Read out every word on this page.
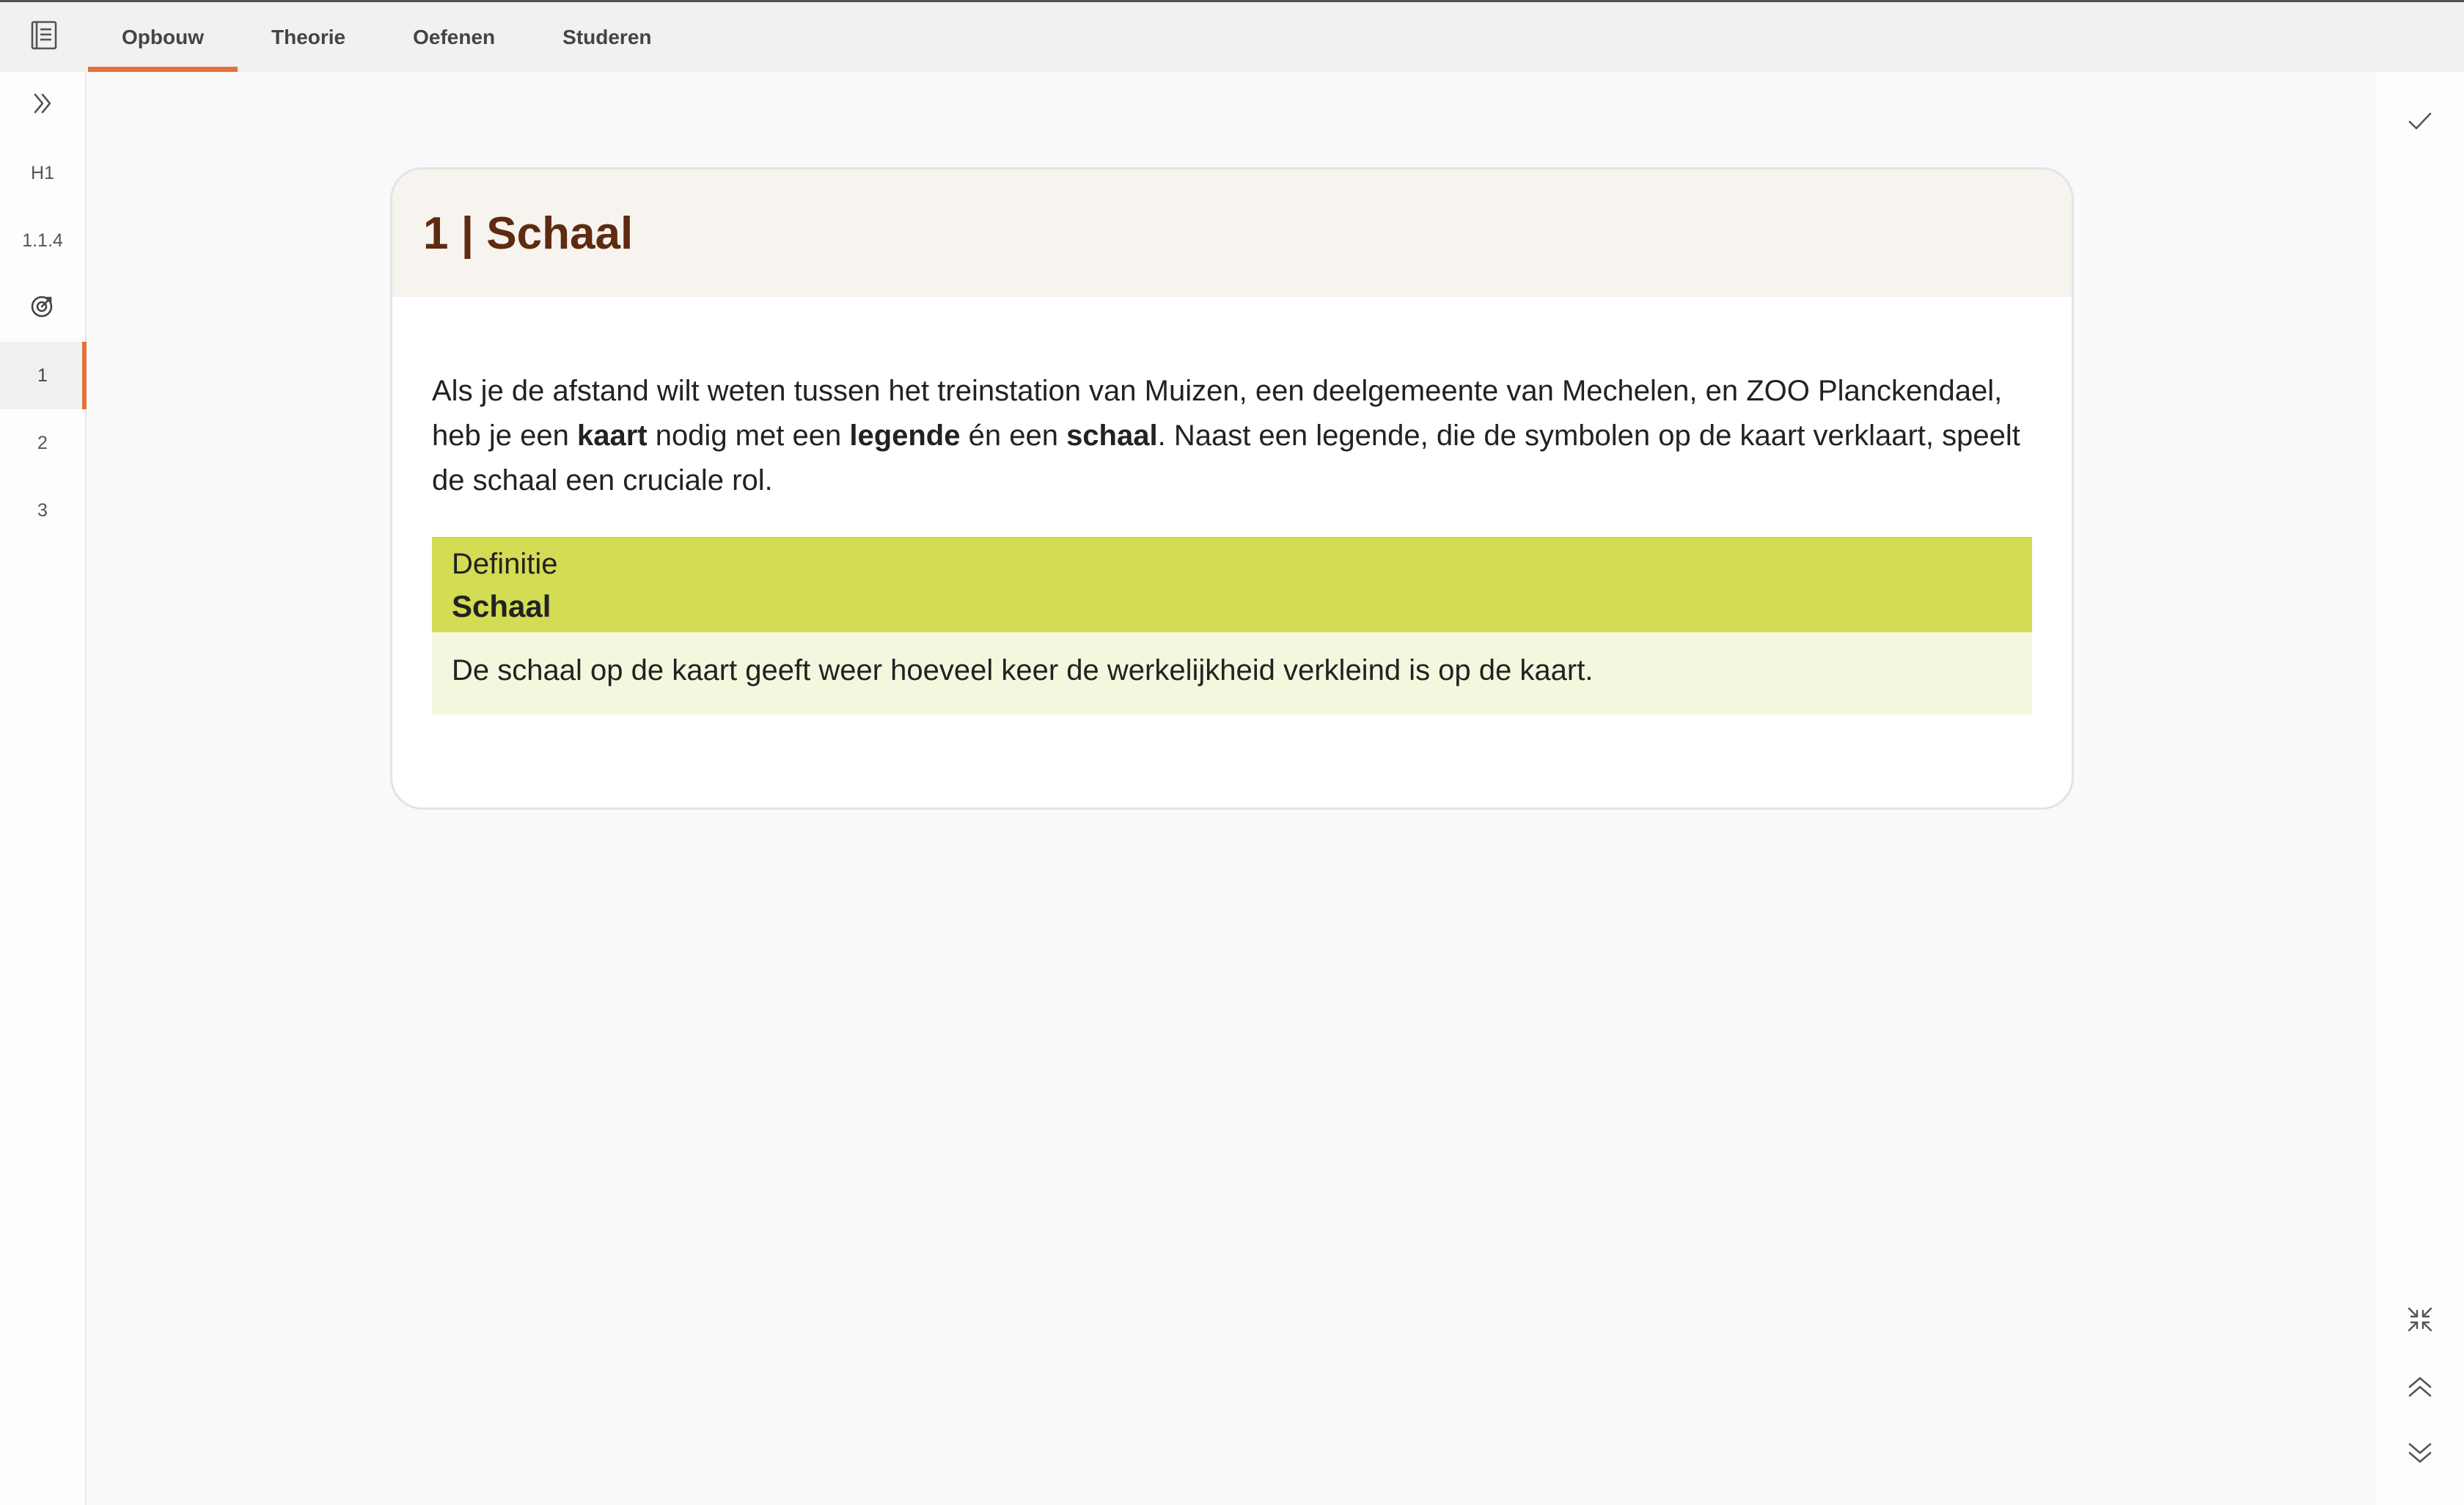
Opbouw	Theorie	Oefenen	Studeren
H1
1.1.4
1
2
3
1 | Schaal

Als je de afstand wilt weten tussen het treinstation van Muizen, een deelgemeente van Mechelen, en ZOO Planckendael, heb je een kaart nodig met een legende én een schaal. Naast een legende, die de symbolen op de kaart verklaart, speelt de schaal een cruciale rol.

Definitie
Schaal
De schaal op de kaart geeft weer hoeveel keer de werkelijkheid verkleind is op de kaart.
